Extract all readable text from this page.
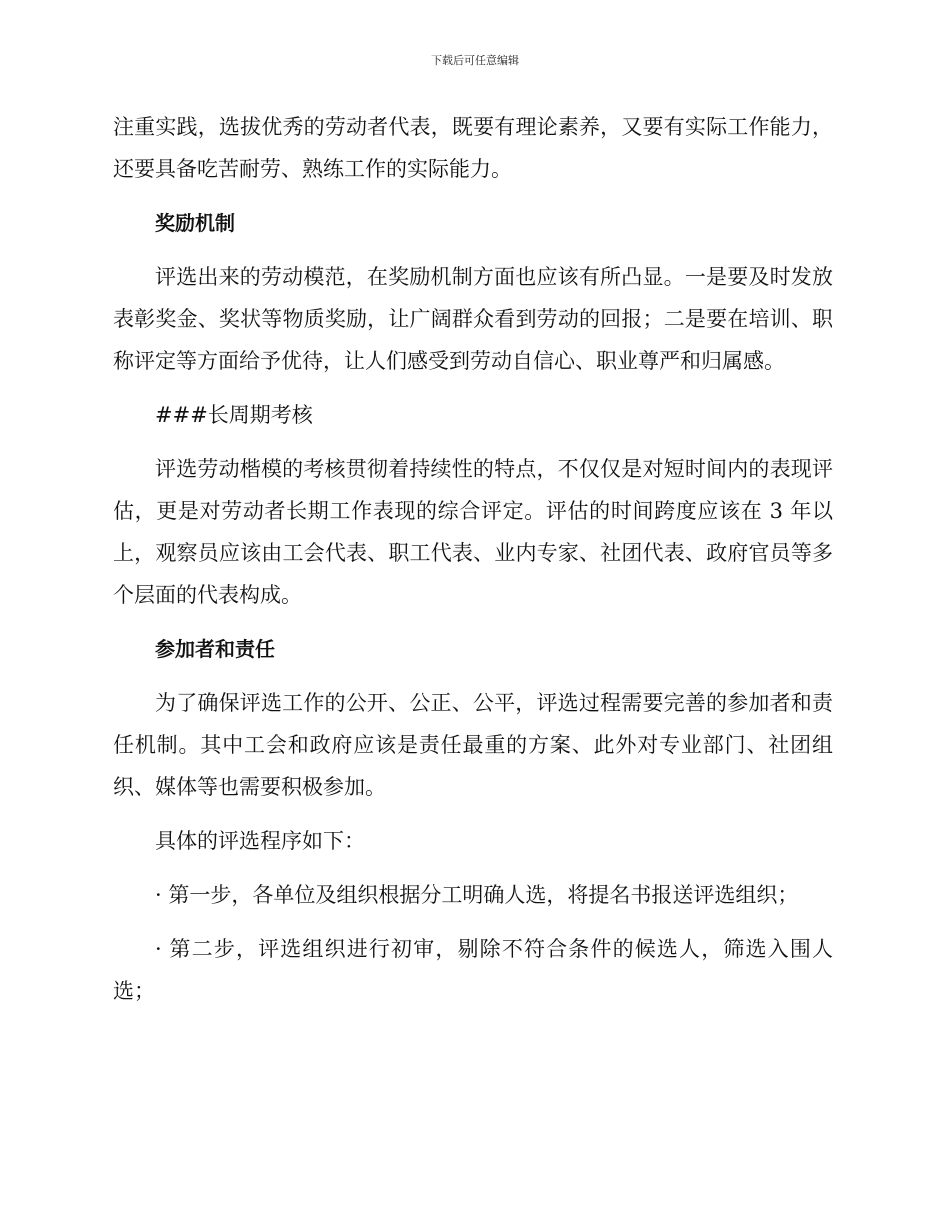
下载后可任意编辑

注重实践，选拔优秀的劳动者代表，既要有理论素养，又要有实际工作能力，还要具备吃苦耐劳、熟练工作的实际能力。

奖励机制

评选出来的劳动模范，在奖励机制方面也应该有所凸显。一是要及时发放表彰奖金、奖状等物质奖励，让广阔群众看到劳动的回报；二是要在培训、职称评定等方面给予优待，让人们感受到劳动自信心、职业尊严和归属感。

###长周期考核

评选劳动楷模的考核贯彻着持续性的特点，不仅仅是对短时间内的表现评估，更是对劳动者长期工作表现的综合评定。评估的时间跨度应该在 3 年以上，观察员应该由工会代表、职工代表、业内专家、社团代表、政府官员等多个层面的代表构成。

参加者和责任

为了确保评选工作的公开、公正、公平，评选过程需要完善的参加者和责任机制。其中工会和政府应该是责任最重的方案、此外对专业部门、社团组织、媒体等也需要积极参加。

具体的评选程序如下：

· 第一步，各单位及组织根据分工明确人选，将提名书报送评选组织；

· 第二步，评选组织进行初审，剔除不符合条件的候选人，筛选入围人选；
